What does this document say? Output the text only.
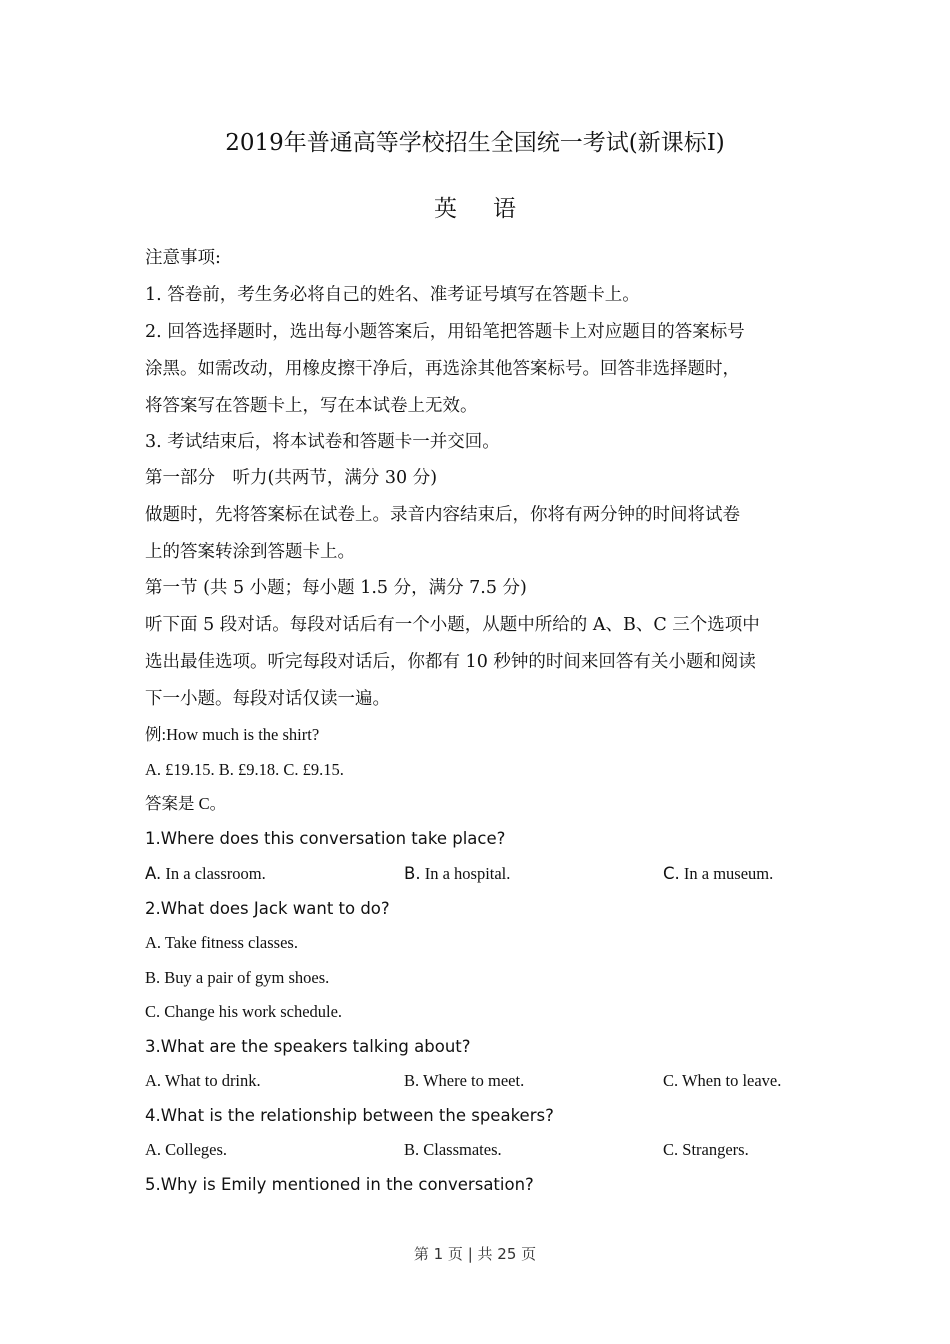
2019年普通高等学校招生全国统一考试(新课标I)
英 语
注意事项:
1. 答卷前，考生务必将自己的姓名、准考证号填写在答题卡上。
2. 回答选择题时，选出每小题答案后，用铅笔把答题卡上对应题目的答案标号
涂黑。如需改动，用橡皮擦干净后，再选涂其他答案标号。回答非选择题时，
将答案写在答题卡上，写在本试卷上无效。
3. 考试结束后，将本试卷和答题卡一并交回。
第一部分　听力(共两节，满分 30 分)
做题时，先将答案标在试卷上。录音内容结束后，你将有两分钟的时间将试卷
上的答案转涂到答题卡上。
第一节 (共 5 小题；每小题 1.5 分，满分 7.5 分)
听下面 5 段对话。每段对话后有一个小题，从题中所给的 A、B、C 三个选项中
选出最佳选项。听完每段对话后，你都有 10 秒钟的时间来回答有关小题和阅读
下一小题。每段对话仅读一遍。
例:How much is the shirt?
A. £19.15. B. £9.18. C. £9.15.
答案是 C。
1.Where does this conversation take place?
A. In a classroom.	B. In a hospital.	C. In a museum.
2.What does Jack want to do?
A. Take fitness classes.
B. Buy a pair of gym shoes.
C. Change his work schedule.
3.What are the speakers talking about?
A. What to drink.	B. Where to meet.	C. When to leave.
4.What is the relationship between the speakers?
A. Colleges.	B. Classmates.	C. Strangers.
5.Why is Emily mentioned in the conversation?
第 1 页 | 共 25 页
